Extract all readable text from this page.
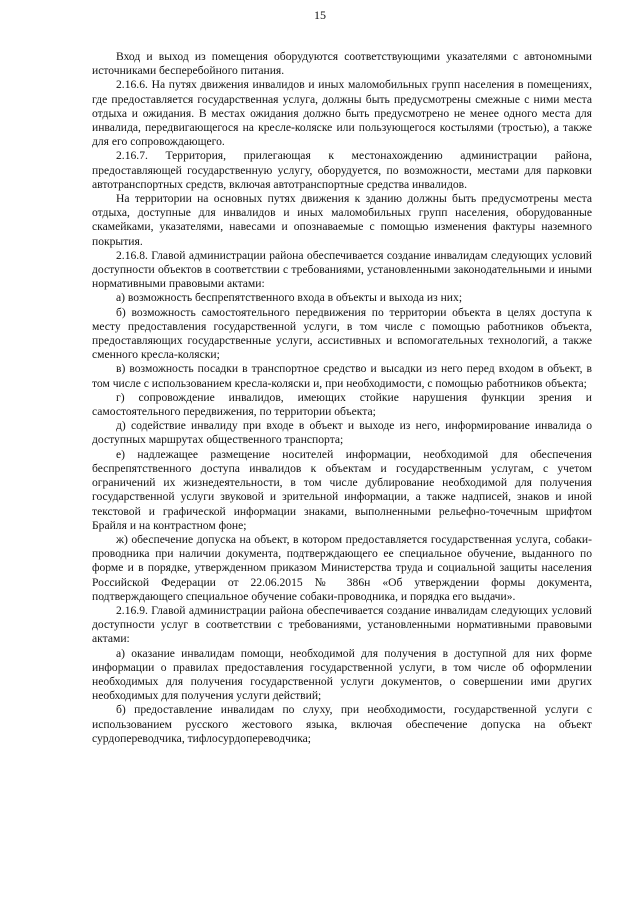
15

Вход и выход из помещения оборудуются соответствующими указателями с автономными источниками бесперебойного питания.

2.16.6. На путях движения инвалидов и иных маломобильных групп населения в помещениях, где предоставляется государственная услуга, должны быть предусмотрены смежные с ними места отдыха и ожидания. В местах ожидания должно быть предусмотрено не менее одного места для инвалида, передвигающегося на кресле-коляске или пользующегося костылями (тростью), а также для его сопровождающего.

2.16.7. Территория, прилегающая к местонахождению администрации района, предоставляющей государственную услугу, оборудуется, по возможности, местами для парковки автотранспортных средств, включая автотранспортные средства инвалидов.

На территории на основных путях движения к зданию должны быть предусмотрены места отдыха, доступные для инвалидов и иных маломобильных групп населения, оборудованные скамейками, указателями, навесами и опознаваемые с помощью изменения фактуры наземного покрытия.

2.16.8. Главой администрации района обеспечивается создание инвалидам следующих условий доступности объектов в соответствии с требованиями, установленными законодательными и иными нормативными правовыми актами:

а) возможность беспрепятственного входа в объекты и выхода из них;

б) возможность самостоятельного передвижения по территории объекта в целях доступа к месту предоставления государственной услуги, в том числе с помощью работников объекта, предоставляющих государственные услуги, ассистивных и вспомогательных технологий, а также сменного кресла-коляски;

в) возможность посадки в транспортное средство и высадки из него перед входом в объект, в том числе с использованием кресла-коляски и, при необходимости, с помощью работников объекта;

г) сопровождение инвалидов, имеющих стойкие нарушения функции зрения и самостоятельного передвижения, по территории объекта;

д) содействие инвалиду при входе в объект и выходе из него, информирование инвалида о доступных маршрутах общественного транспорта;

е) надлежащее размещение носителей информации, необходимой для обеспечения беспрепятственного доступа инвалидов к объектам и государственным услугам, с учетом ограничений их жизнедеятельности, в том числе дублирование необходимой для получения государственной услуги звуковой и зрительной информации, а также надписей, знаков и иной текстовой и графической информации знаками, выполненными рельефно-точечным шрифтом Брайля и на контрастном фоне;

ж) обеспечение допуска на объект, в котором предоставляется государственная услуга, собаки-проводника при наличии документа, подтверждающего ее специальное обучение, выданного по форме и в порядке, утвержденном приказом Министерства труда и социальной защиты населения Российской Федерации от 22.06.2015 № 386н «Об утверждении формы документа, подтверждающего специальное обучение собаки-проводника, и порядка его выдачи».

2.16.9. Главой администрации района обеспечивается создание инвалидам следующих условий доступности услуг в соответствии с требованиями, установленными нормативными правовыми актами:

а) оказание инвалидам помощи, необходимой для получения в доступной для них форме информации о правилах предоставления государственной услуги, в том числе об оформлении необходимых для получения государственной услуги документов, о совершении ими других необходимых для получения услуги действий;

б) предоставление инвалидам по слуху, при необходимости, государственной услуги с использованием русского жестового языка, включая обеспечение допуска на объект сурдопереводчика, тифлосурдопереводчика;
